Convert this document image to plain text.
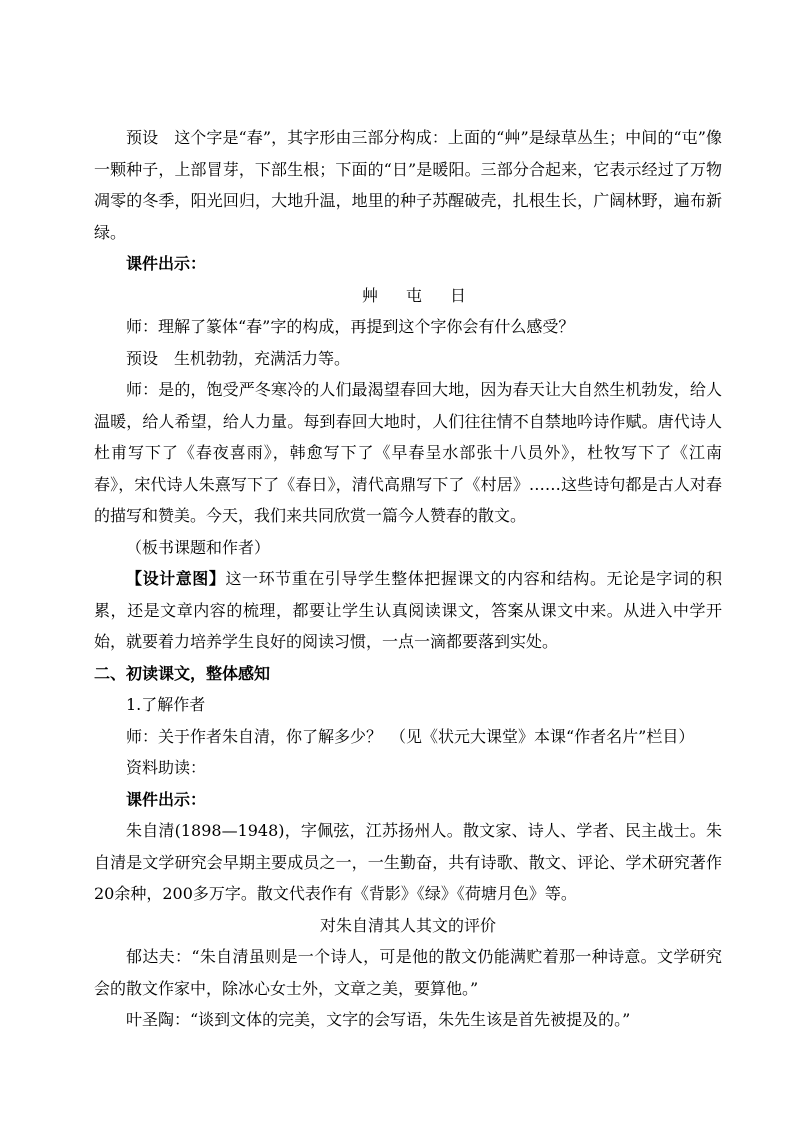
预设　这个字是“春”，其字形由三部分构成：上面的“艸”是绿草丛生；中间的“屯”像一颗种子，上部冒芽，下部生根；下面的“日”是暖阳。三部分合起来，它表示经过了万物凋零的冬季，阳光回归，大地升温，地里的种子苏醒破壳，扎根生长，广阔林野，遍布新绿。

课件出示：

艸 屯 日

师：理解了篆体“春”字的构成，再提到这个字你会有什么感受？

预设　生机勃勃，充满活力等。

师：是的，饱受严冬寒冷的人们最渴望春回大地，因为春天让大自然生机勃发，给人温暖，给人希望，给人力量。每到春回大地时，人们往往情不自禁地吟诗作赋。唐代诗人杜甫写下了《春夜喜雨》，韩愈写下了《早春呈水部张十八员外》，杜牧写下了《江南春》，宋代诗人朱熹写下了《春日》，清代高鼎写下了《村居》……这些诗句都是古人对春的描写和赞美。今天，我们来共同欣赏一篇今人赞春的散文。

（板书课题和作者）

【设计意图】这一环节重在引导学生整体把握课文的内容和结构。无论是字词的积累，还是文章内容的梳理，都要让学生认真阅读课文，答案从课文中来。从进入中学开始，就要着力培养学生良好的阅读习惯，一点一滴都要落到实处。

二、初读课文，整体感知

1.了解作者

师：关于作者朱自清，你了解多少？　（见《状元大课堂》本课“作者名片”栏目）

资料助读：

课件出示：

朱自清(1898—1948)，字佩弦，江苏扬州人。散文家、诗人、学者、民主战士。朱自清是文学研究会早期主要成员之一，一生勤奋，共有诗歌、散文、评论、学术研究著作20余种，200多万字。散文代表作有《背影》《绿》《荷塘月色》等。

对朱自清其人其文的评价

郁达夫：“朱自清虽则是一个诗人，可是他的散文仍能满贮着那一种诗意。文学研究会的散文作家中，除冰心女士外，文章之美，要算他。”

叶圣陶：“谈到文体的完美，文字的会写语，朱先生该是首先被提及的。”
